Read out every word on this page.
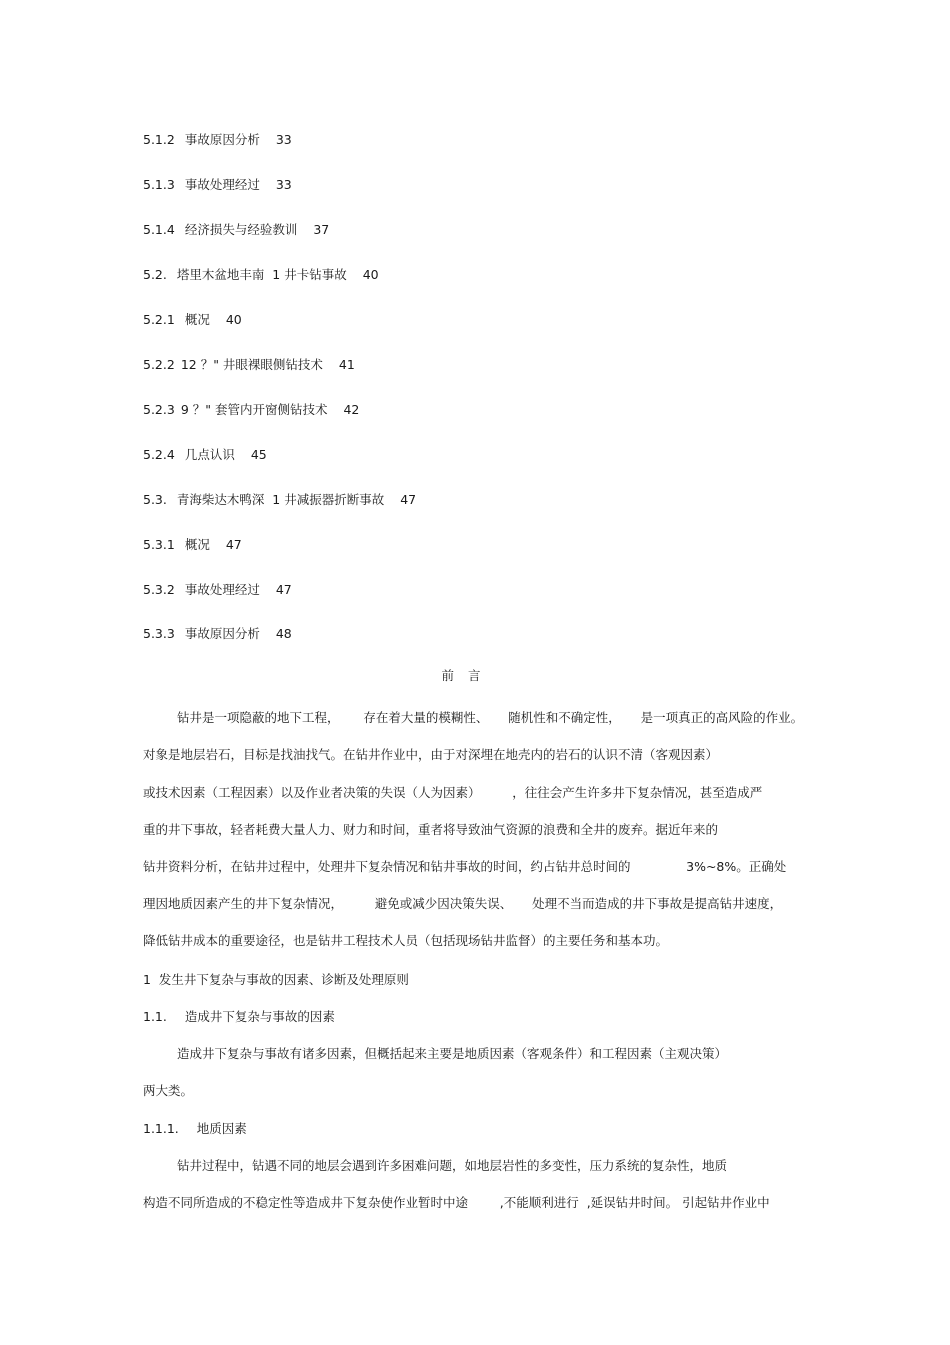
5.1.2 事故原因分析 33
5.1.3 事故处理经过 33
5.1.4 经济损失与经验教训 37
5.2. 塔里木盆地丰南  1 井卡钻事故 40
5.2.1 概况 40
5.2.2 12 ？" 井眼裸眼侧钻技术 41
5.2.3 9 ？" 套管内开窗侧钻技术 42
5.2.4 几点认识 45
5.3. 青海柴达木鸭深  1 井减振器折断事故 47
5.3.1 概况 47
5.3.2 事故处理经过 47
5.3.3 事故原因分析 48
前言
钻井是一项隐蔽的地下工程，      存在着大量的模糊性、     随机性和不确定性，     是一项真正的高风险的作业。
对象是地层岩石，目标是找油找气。在钻井作业中，由于对深埋在地壳内的岩石的认识不清（客观因素）
或技术因素（工程因素）以及作业者决策的失误（人为因素）        ，往往会产生许多井下复杂情况，甚至造成严
重的井下事故，轻者耗费大量人力、财力和时间，重者将导致油气资源的浪费和全井的废弃。据近年来的
钻井资料分析，在钻井过程中，处理井下复杂情况和钻井事故的时间，约占钻井总时间的              3%~8%。正确处
理因地质因素产生的井下复杂情况，        避免或减少因决策失误、     处理不当而造成的井下事故是提高钻井速度，
降低钻井成本的重要途径，也是钻井工程技术人员（包括现场钻井监督）的主要任务和基本功。
1  发生井下复杂与事故的因素、诊断及处理原则
1.1. 造成井下复杂与事故的因素
造成井下复杂与事故有诸多因素，但概括起来主要是地质因素（客观条件）和工程因素（主观决策）
两大类。
1.1.1. 地质因素
钻井过程中，钻遇不同的地层会遇到许多困难问题，如地层岩性的多变性，压力系统的复杂性，地质
构造不同所造成的不稳定性等造成井下复杂使作业暂时中途        ,不能顺利进行  ,延误钻井时间。 引起钻井作业中
